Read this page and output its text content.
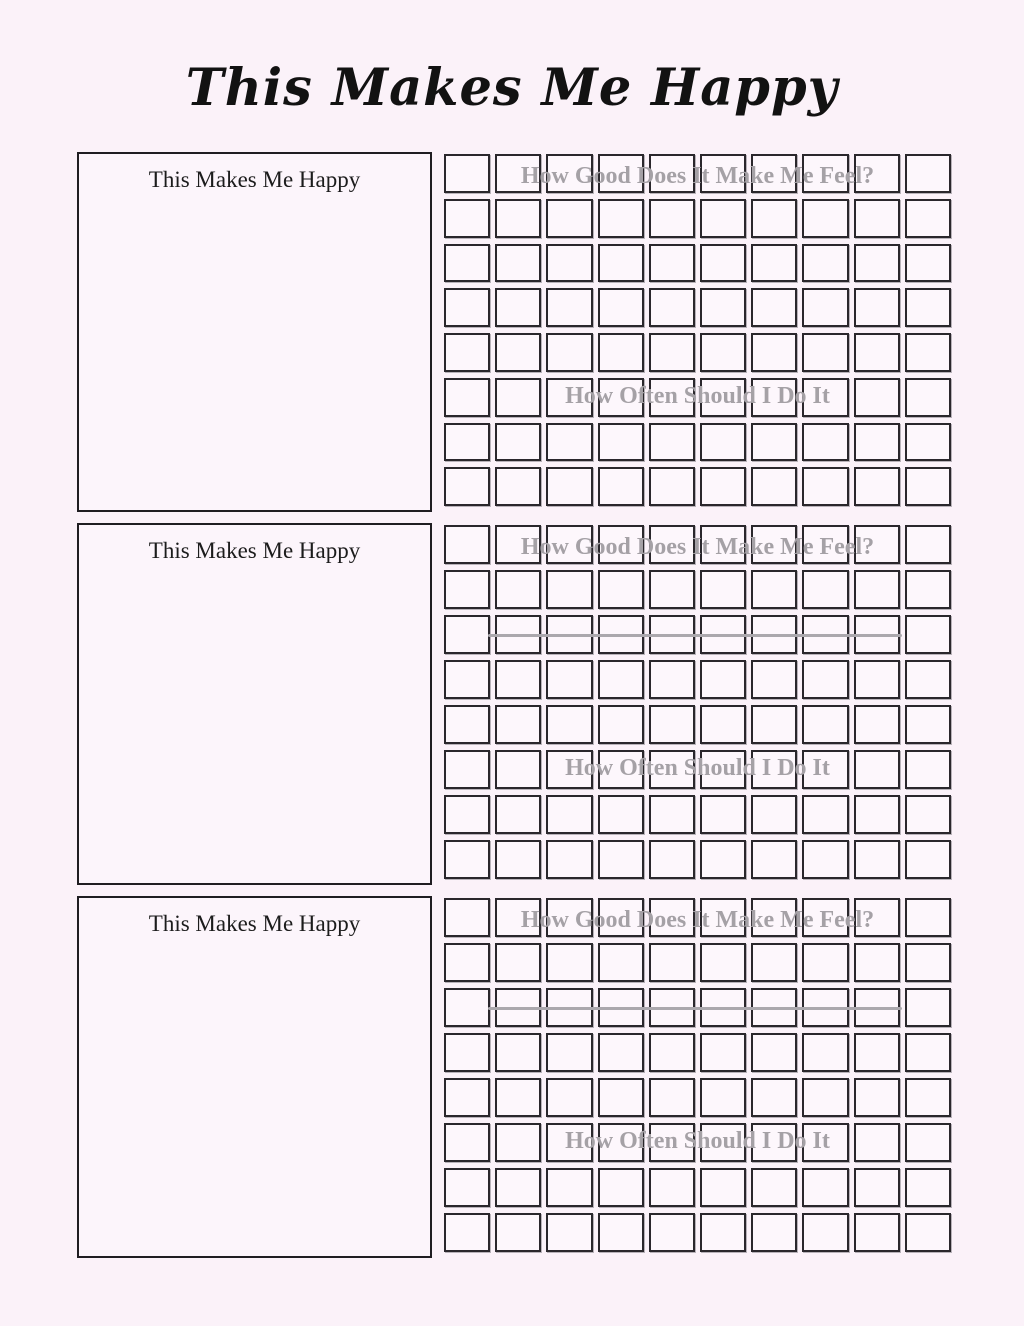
This Makes Me Happy
This Makes Me Happy	How Good Does It Make Me Feel?
How Often Should I Do It
This Makes Me Happy	How Good Does It Make Me Feel?
How Often Should I Do It
This Makes Me Happy	How Good Does It Make Me Feel?
How Often Should I Do It
